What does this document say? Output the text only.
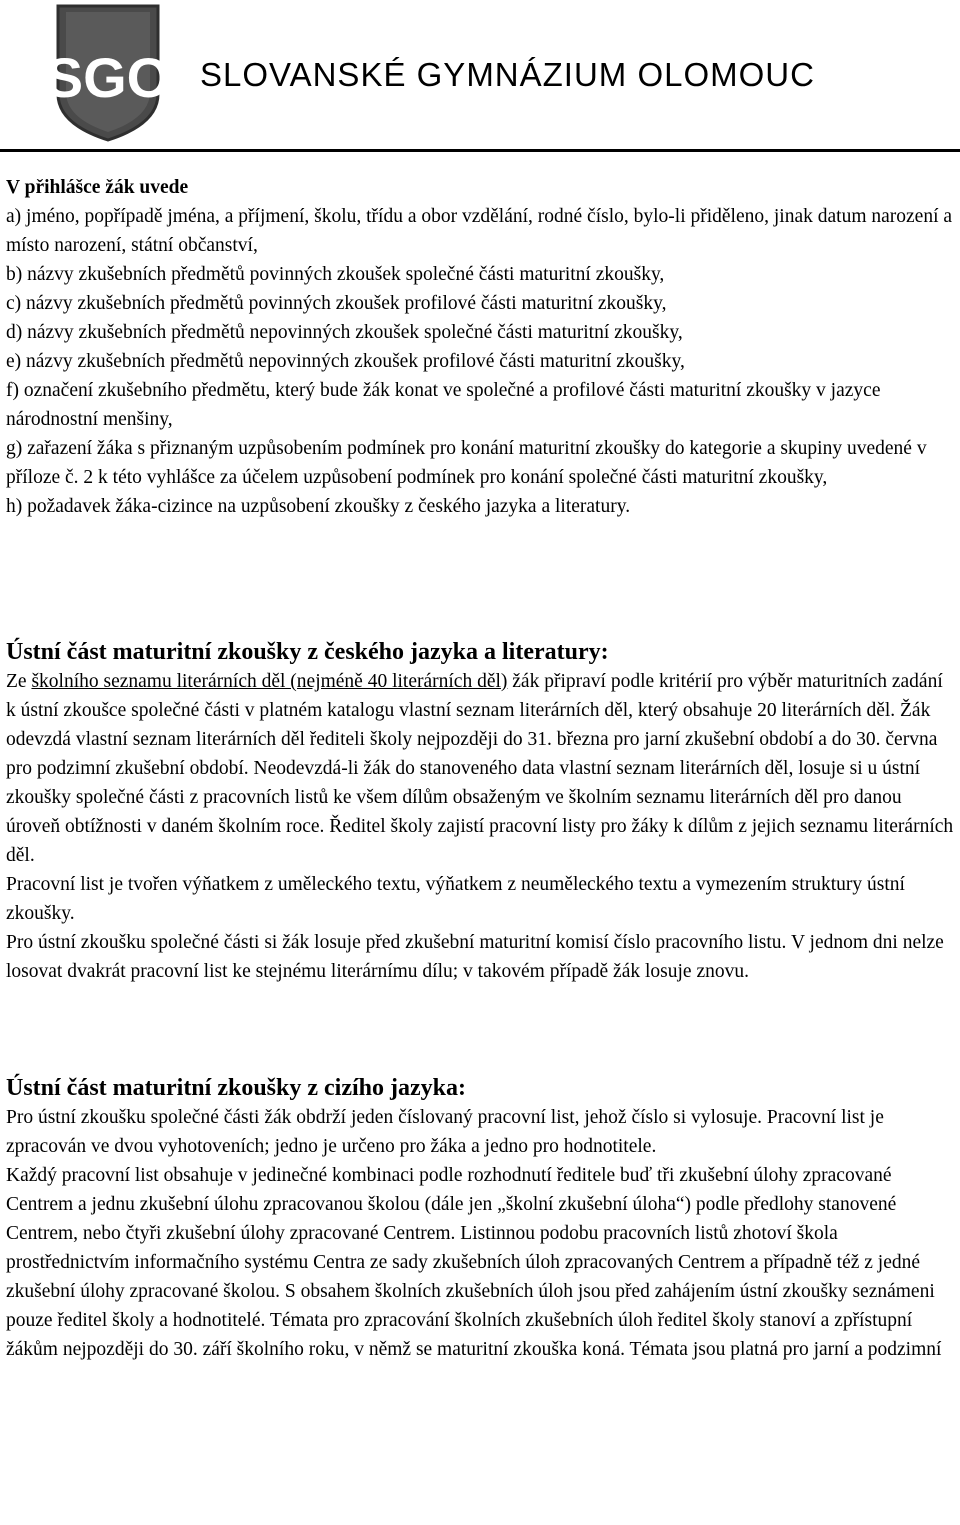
SGO SLOVANSKÉ GYMNÁZIUM OLOMOUC

V přihlášce žák uvede

a) jméno, popřípadě jména, a příjmení, školu, třídu a obor vzdělání, rodné číslo, bylo-li přiděleno, jinak datum narození a místo narození, státní občanství,

b) názvy zkušebních předmětů povinných zkoušek společné části maturitní zkoušky,

c) názvy zkušebních předmětů povinných zkoušek profilové části maturitní zkoušky,

d) názvy zkušebních předmětů nepovinných zkoušek společné části maturitní zkoušky,

e) názvy zkušebních předmětů nepovinných zkoušek profilové části maturitní zkoušky,

f) označení zkušebního předmětu, který bude žák konat ve společné a profilové části maturitní zkoušky v jazyce národnostní menšiny,

g) zařazení žáka s přiznaným uzpůsobením podmínek pro konání maturitní zkoušky do kategorie a skupiny uvedené v příloze č. 2 k této vyhlášce za účelem uzpůsobení podmínek pro konání společné části maturitní zkoušky,

h) požadavek žáka-cizince na uzpůsobení zkoušky z českého jazyka a literatury.

Ústní část maturitní zkoušky z českého jazyka a literatury:

Ze školního seznamu literárních děl (nejméně 40 literárních děl) žák připraví podle kritérií pro výběr maturitních zadání k ústní zkoušce společné části v platném katalogu vlastní seznam literárních děl, který obsahuje 20 literárních děl. Žák odevzdá vlastní seznam literárních děl řediteli školy nejpozději do 31. března pro jarní zkušební období a do 30. června pro podzimní zkušební období. Neodevzdá-li žák do stanoveného data vlastní seznam literárních děl, losuje si u ústní zkoušky společné části z pracovních listů ke všem dílům obsaženým ve školním seznamu literárních děl pro danou úroveň obtížnosti v daném školním roce. Ředitel školy zajistí pracovní listy pro žáky k dílům z jejich seznamu literárních děl.

Pracovní list je tvořen výňatkem z uměleckého textu, výňatkem z neuměleckého textu a vymezením struktury ústní zkoušky.

Pro ústní zkoušku společné části si žák losuje před zkušební maturitní komisí číslo pracovního listu. V jednom dni nelze losovat dvakrát pracovní list ke stejnému literárnímu dílu; v takovém případě žák losuje znovu.

Ústní část maturitní zkoušky z cizího jazyka:

Pro ústní zkoušku společné části žák obdrží jeden číslovaný pracovní list, jehož číslo si vylosuje. Pracovní list je zpracován ve dvou vyhotoveních; jedno je určeno pro žáka a jedno pro hodnotitele.

Každý pracovní list obsahuje v jedinečné kombinaci podle rozhodnutí ředitele buď tři zkušební úlohy zpracované Centrem a jednu zkušební úlohu zpracovanou školou (dále jen „školní zkušební úloha“) podle předlohy stanovené Centrem, nebo čtyři zkušební úlohy zpracované Centrem. Listinnou podobu pracovních listů zhotoví škola prostřednictvím informačního systému Centra ze sady zkušebních úloh zpracovaných Centrem a případně též z jedné zkušební úlohy zpracované školou. S obsahem školních zkušebních úloh jsou před zahájením ústní zkoušky seznámeni pouze ředitel školy a hodnotitelé. Témata pro zpracování školních zkušebních úloh ředitel školy stanoví a zpřístupní žákům nejpozději do 30. září školního roku, v němž se maturitní zkouška koná. Témata jsou platná pro jarní a podzimní
